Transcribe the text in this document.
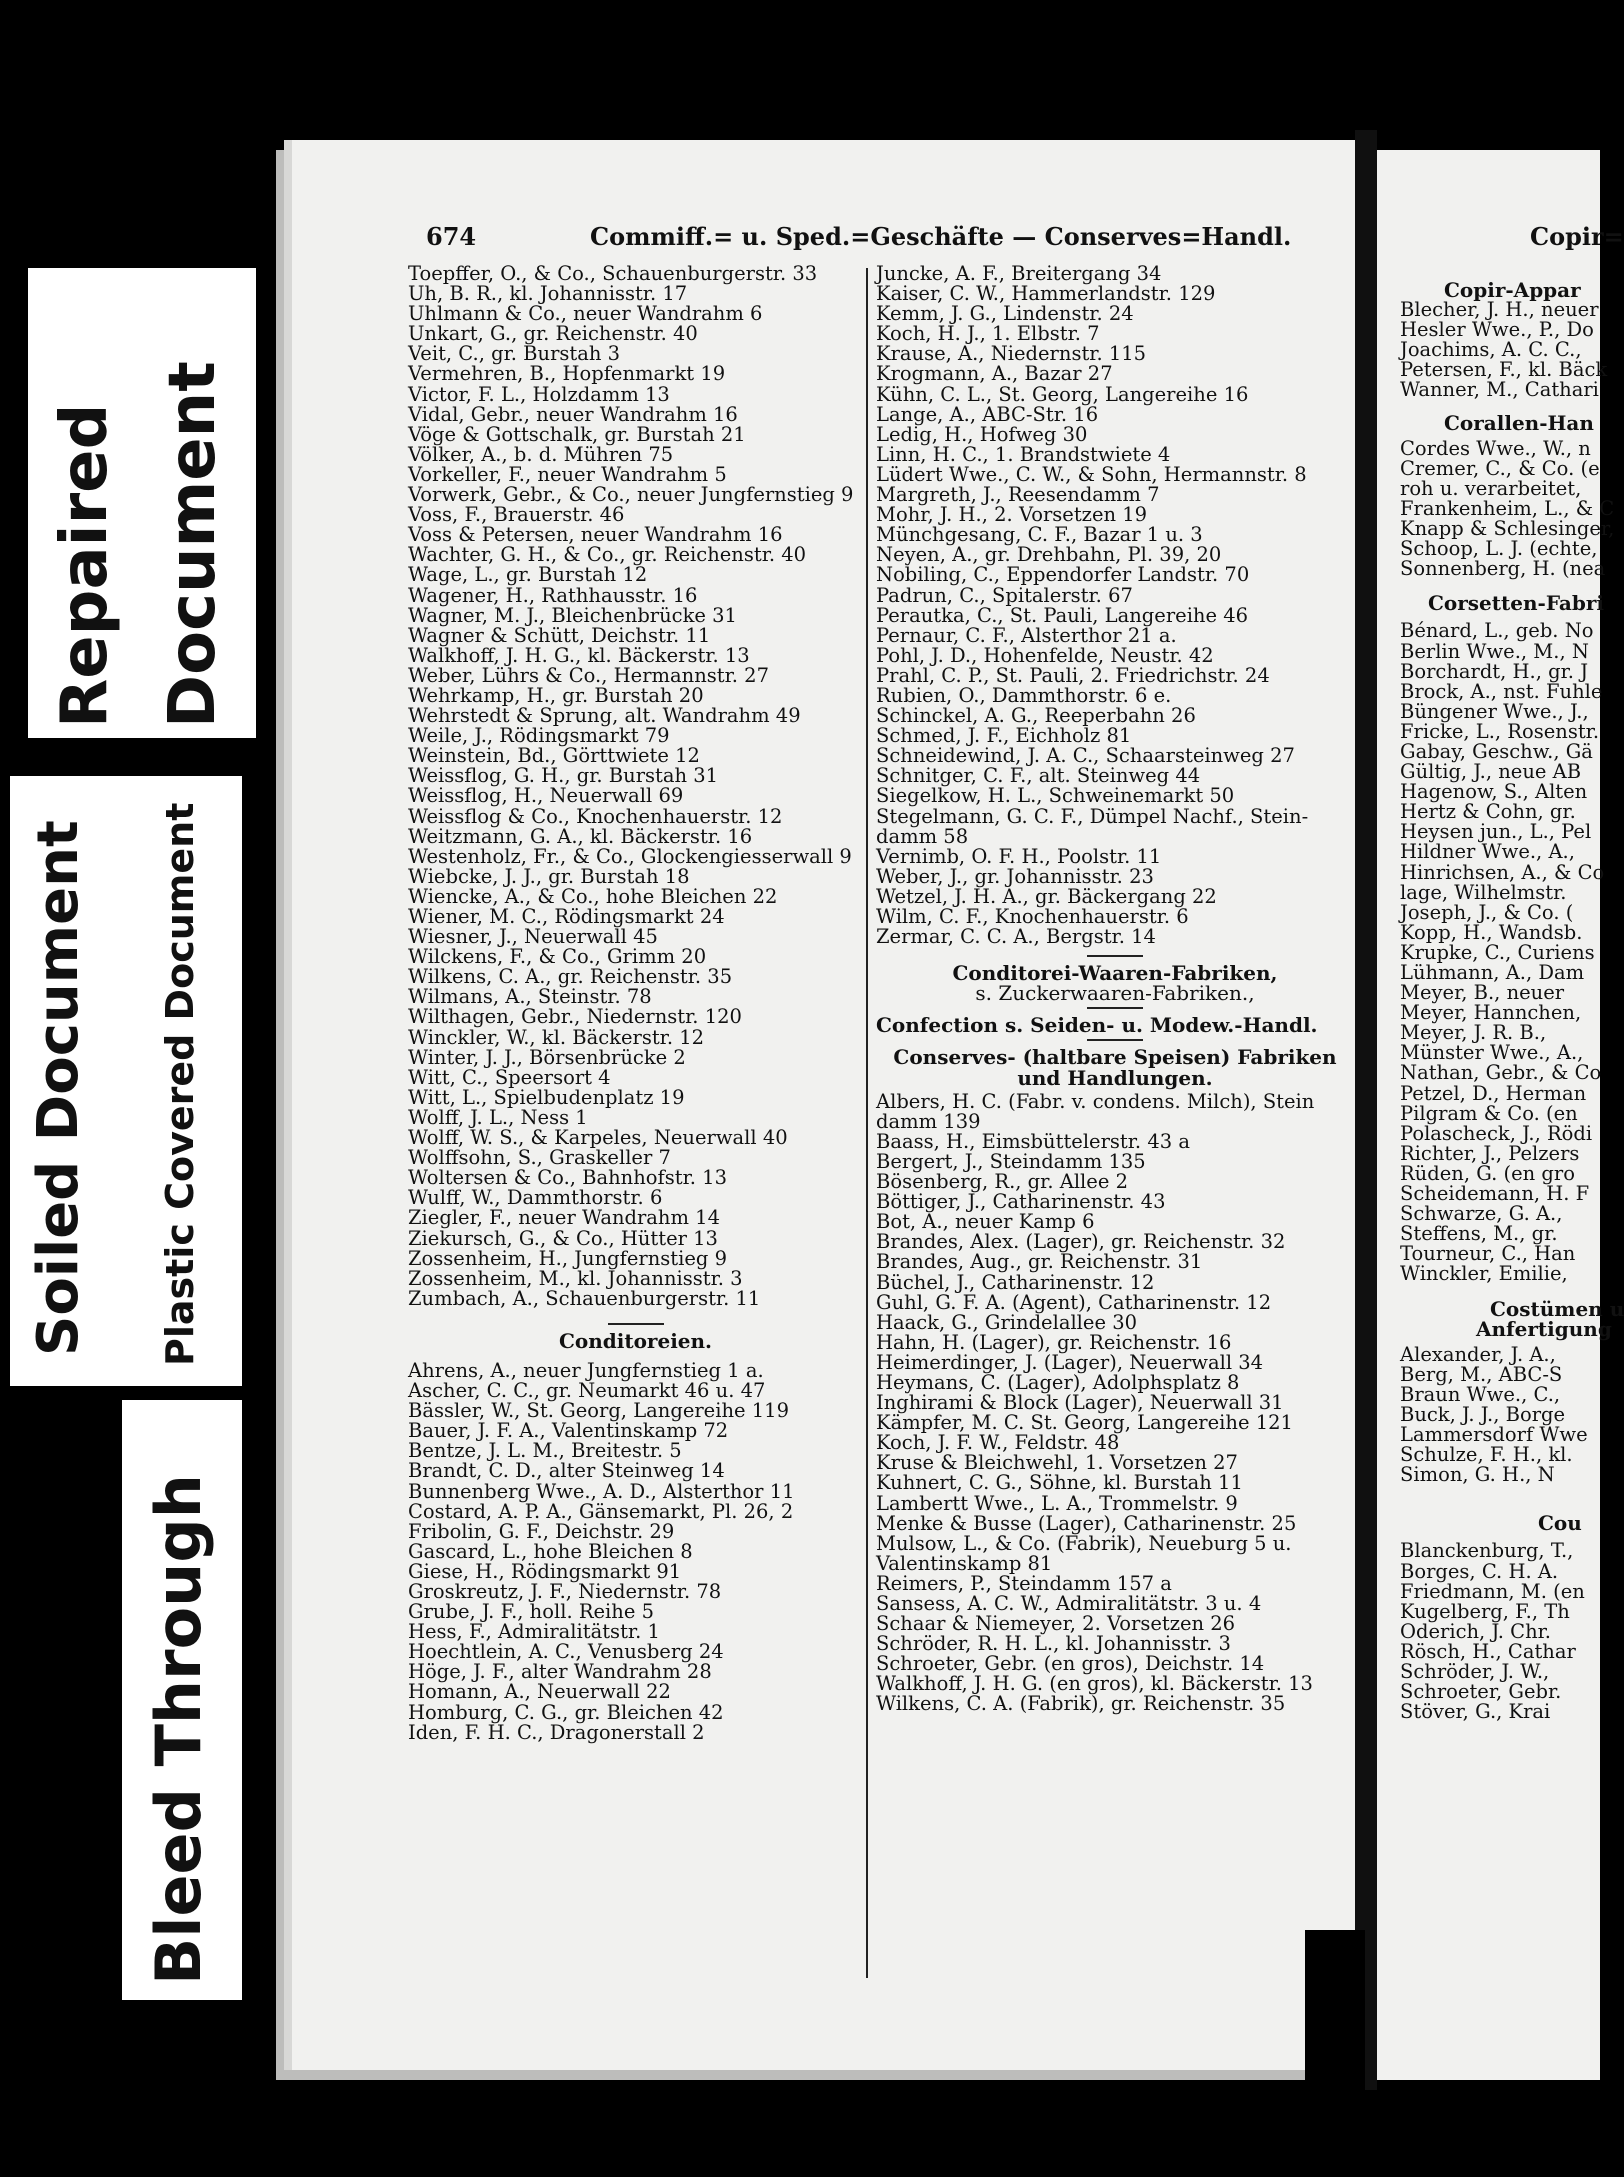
Repaired Document
Soiled Document Plastic Covered Document
Bleed Through
674	Commiff.= u. Sped.=Geschäfte — Conserves=Handl.	Copir=
Toepffer, O., & Co., Schauenburgerstr. 33
Uh, B. R., kl. Johannisstr. 17
Uhlmann & Co., neuer Wandrahm 6
Unkart, G., gr. Reichenstr. 40
Veit, C., gr. Burstah 3
Vermehren, B., Hopfenmarkt 19
Victor, F. L., Holzdamm 13
Vidal, Gebr., neuer Wandrahm 16
Vöge & Gottschalk, gr. Burstah 21
Völker, A., b. d. Mühren 75
Vorkeller, F., neuer Wandrahm 5
Vorwerk, Gebr., & Co., neuer Jungfernstieg 9
Voss, F., Brauerstr. 46
Voss & Petersen, neuer Wandrahm 16
Wachter, G. H., & Co., gr. Reichenstr. 40
Wage, L., gr. Burstah 12
Wagener, H., Rathhausstr. 16
Wagner, M. J., Bleichenbrücke 31
Wagner & Schütt, Deichstr. 11
Walkhoff, J. H. G., kl. Bäckerstr. 13
Weber, Lührs & Co., Hermannstr. 27
Wehrkamp, H., gr. Burstah 20
Wehrstedt & Sprung, alt. Wandrahm 49
Weile, J., Rödingsmarkt 79
Weinstein, Bd., Görttwiete 12
Weissflog, G. H., gr. Burstah 31
Weissflog, H., Neuerwall 69
Weissflog & Co., Knochenhauerstr. 12
Weitzmann, G. A., kl. Bäckerstr. 16
Westenholz, Fr., & Co., Glockengiesserwall 9
Wiebcke, J. J., gr. Burstah 18
Wiencke, A., & Co., hohe Bleichen 22
Wiener, M. C., Rödingsmarkt 24
Wiesner, J., Neuerwall 45
Wilckens, F., & Co., Grimm 20
Wilkens, C. A., gr. Reichenstr. 35
Wilmans, A., Steinstr. 78
Wilthagen, Gebr., Niedernstr. 120
Winckler, W., kl. Bäckerstr. 12
Winter, J. J., Börsenbrücke 2
Witt, C., Speersort 4
Witt, L., Spielbudenplatz 19
Wolff, J. L., Ness 1
Wolff, W. S., & Karpeles, Neuerwall 40
Wolffsohn, S., Graskeller 7
Woltersen & Co., Bahnhofstr. 13
Wulff, W., Dammthorstr. 6
Ziegler, F., neuer Wandrahm 14
Ziekursch, G., & Co., Hütter 13
Zossenheim, H., Jungfernstieg 9
Zossenheim, M., kl. Johannisstr. 3
Zumbach, A., Schauenburgerstr. 11
Conditoreien.
Ahrens, A., neuer Jungfernstieg 1 a.
Ascher, C. C., gr. Neumarkt 46 u. 47
Bässler, W., St. Georg, Langereihe 119
Bauer, J. F. A., Valentinskamp 72
Bentze, J. L. M., Breitestr. 5
Brandt, C. D., alter Steinweg 14
Bunnenberg Wwe., A. D., Alsterthor 11
Costard, A. P. A., Gänsemarkt, Pl. 26, 2
Fribolin, G. F., Deichstr. 29
Gascard, L., hohe Bleichen 8
Giese, H., Rödingsmarkt 91
Groskreutz, J. F., Niedernstr. 78
Grube, J. F., holl. Reihe 5
Hess, F., Admiralitätstr. 1
Hoechtlein, A. C., Venusberg 24
Höge, J. F., alter Wandrahm 28
Homann, A., Neuerwall 22
Homburg, C. G., gr. Bleichen 42
Iden, F. H. C., Dragonerstall 2
Juncke, A. F., Breitergang 34
Kaiser, C. W., Hammerlandstr. 129
Kemm, J. G., Lindenstr. 24
Koch, H. J., 1. Elbstr. 7
Krause, A., Niedernstr. 115
Krogmann, A., Bazar 27
Kühn, C. L., St. Georg, Langereihe 16
Lange, A., ABC-Str. 16
Ledig, H., Hofweg 30
Linn, H. C., 1. Brandstwiete 4
Lüdert Wwe., C. W., & Sohn, Hermannstr. 8
Margreth, J., Reesendamm 7
Mohr, J. H., 2. Vorsetzen 19
Münchgesang, C. F., Bazar 1 u. 3
Neyen, A., gr. Drehbahn, Pl. 39, 20
Nobiling, C., Eppendorfer Landstr. 70
Padrun, C., Spitalerstr. 67
Perautka, C., St. Pauli, Langereihe 46
Pernaur, C. F., Alsterthor 21 a.
Pohl, J. D., Hohenfelde, Neustr. 42
Prahl, C. P., St. Pauli, 2. Friedrichstr. 24
Rubien, O., Dammthorstr. 6 e.
Schinckel, A. G., Reeperbahn 26
Schmed, J. F., Eichholz 81
Schneidewind, J. A. C., Schaarsteinweg 27
Schnitger, C. F., alt. Steinweg 44
Siegelkow, H. L., Schweinemarkt 50
Stegelmann, G. C. F., Dümpel Nachf., Stein-
damm 58
Vernimb, O. F. H., Poolstr. 11
Weber, J., gr. Johannisstr. 23
Wetzel, J. H. A., gr. Bäckergang 22
Wilm, C. F., Knochenhauerstr. 6
Zermar, C. C. A., Bergstr. 14
Conditorei-Waaren-Fabriken,
s. Zuckerwaaren-Fabriken.,
Confection s. Seiden- u. Modew.-Handl.
Conserves- (haltbare Speisen) Fabriken
und Handlungen.
Albers, H. C. (Fabr. v. condens. Milch), Stein
damm 139
Baass, H., Eimsbüttelerstr. 43 a
Bergert, J., Steindamm 135
Bösenberg, R., gr. Allee 2
Böttiger, J., Catharinenstr. 43
Bot, A., neuer Kamp 6
Brandes, Alex. (Lager), gr. Reichenstr. 32
Brandes, Aug., gr. Reichenstr. 31
Büchel, J., Catharinenstr. 12
Guhl, G. F. A. (Agent), Catharinenstr. 12
Haack, G., Grindelallee 30
Hahn, H. (Lager), gr. Reichenstr. 16
Heimerdinger, J. (Lager), Neuerwall 34
Heymans, C. (Lager), Adolphsplatz 8
Inghirami & Block (Lager), Neuerwall 31
Kämpfer, M. C. St. Georg, Langereihe 121
Koch, J. F. W., Feldstr. 48
Kruse & Bleichwehl, 1. Vorsetzen 27
Kuhnert, C. G., Söhne, kl. Burstah 11
Lambertt Wwe., L. A., Trommelstr. 9
Menke & Busse (Lager), Catharinenstr. 25
Mulsow, L., & Co. (Fabrik), Neueburg 5 u.
Valentinskamp 81
Reimers, P., Steindamm 157 a
Sansess, A. C. W., Admiralitätstr. 3 u. 4
Schaar & Niemeyer, 2. Vorsetzen 26
Schröder, R. H. L., kl. Johannisstr. 3
Schroeter, Gebr. (en gros), Deichstr. 14
Walkhoff, J. H. G. (en gros), kl. Bäckerstr. 13
Wilkens, C. A. (Fabrik), gr. Reichenstr. 35
Copir-Appar
Blecher, J. H., neuer
Hesler Wwe., P., Do
Joachims, A. C. C.,
Petersen, F., kl. Bäck
Wanner, M., Cathari
Corallen-Han
Cordes Wwe., W., n
Cremer, C., & Co. (e
roh u. verarbeitet,
Frankenheim, L., & C
Knapp & Schlesinger,
Schoop, L. J. (echte,
Sonnenberg, H. (nea
Corsetten-Fabri
Bénard, L., geb. No
Berlin Wwe., M., N
Borchardt, H., gr. J
Brock, A., nst. Fuhle
Büngener Wwe., J.,
Fricke, L., Rosenstr.
Gabay, Geschw., Gä
Gültig, J., neue AB
Hagenow, S., Alten
Hertz & Cohn, gr.
Heysen jun., L., Pel
Hildner Wwe., A.,
Hinrichsen, A., & Co
lage, Wilhelmstr.
Joseph, J., & Co. (
Kopp, H., Wandsb.
Krupke, C., Curiens
Lühmann, A., Dam
Meyer, B., neuer
Meyer, Hannchen,
Meyer, J. R. B.,
Münster Wwe., A.,
Nathan, Gebr., & Co
Petzel, D., Herman
Pilgram & Co. (en
Polascheck, J., Rödi
Richter, J., Pelzers
Rüden, G. (en gro
Scheidemann, H. F
Schwarze, G. A.,
Steffens, M., gr.
Tourneur, C., Han
Winckler, Emilie,
Costümen u
Anfertigung
Alexander, J. A.,
Berg, M., ABC-S
Braun Wwe., C.,
Buck, J. J., Borge
Lammersdorf Wwe
Schulze, F. H., kl.
Simon, G. H., N
Cou
Blanckenburg, T.,
Borges, C. H. A.
Friedmann, M. (en
Kugelberg, F., Th
Oderich, J. Chr.
Rösch, H., Cathar
Schröder, J. W.,
Schroeter, Gebr.
Stöver, G., Krai
